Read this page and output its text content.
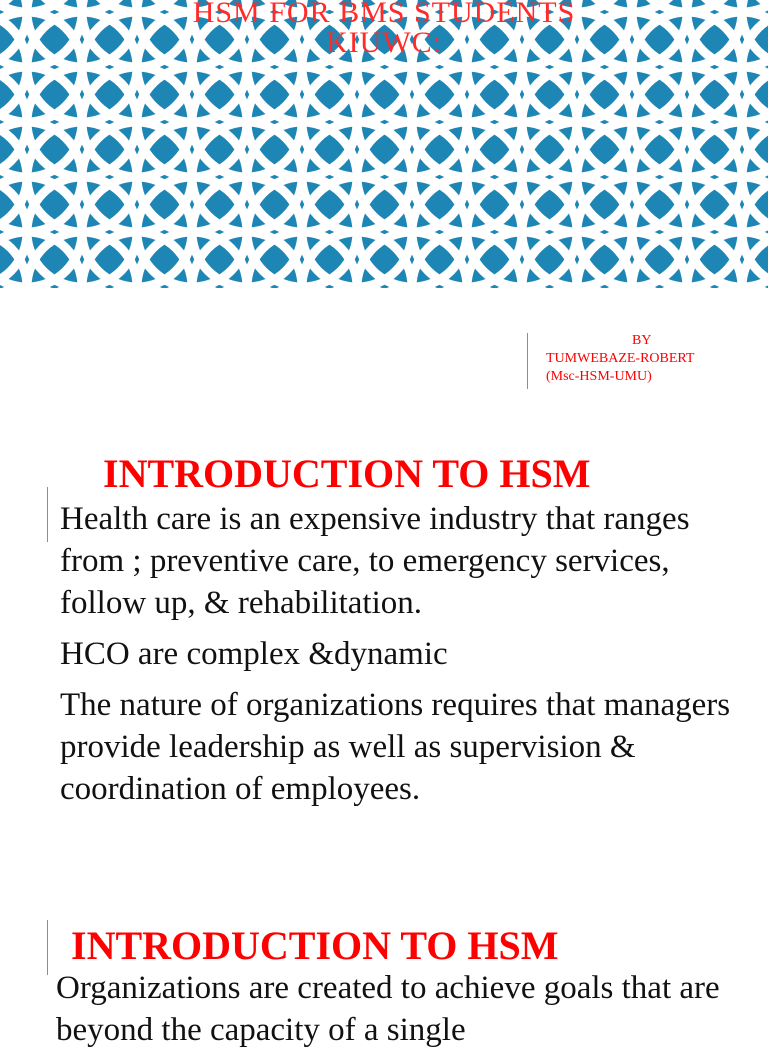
HSM FOR BMS STUDENTS
KIUWC:
BY
TUMWEBAZE-ROBERT
(Msc-HSM-UMU)
INTRODUCTION TO HSM

Health care is an expensive industry that ranges from ; preventive care, to emergency services, follow up, & rehabilitation.

HCO are complex &dynamic

The nature of organizations requires that managers provide leadership as well as supervision & coordination of employees.

INTRODUCTION TO HSM

Organizations are created to achieve goals that are beyond the capacity of a single
